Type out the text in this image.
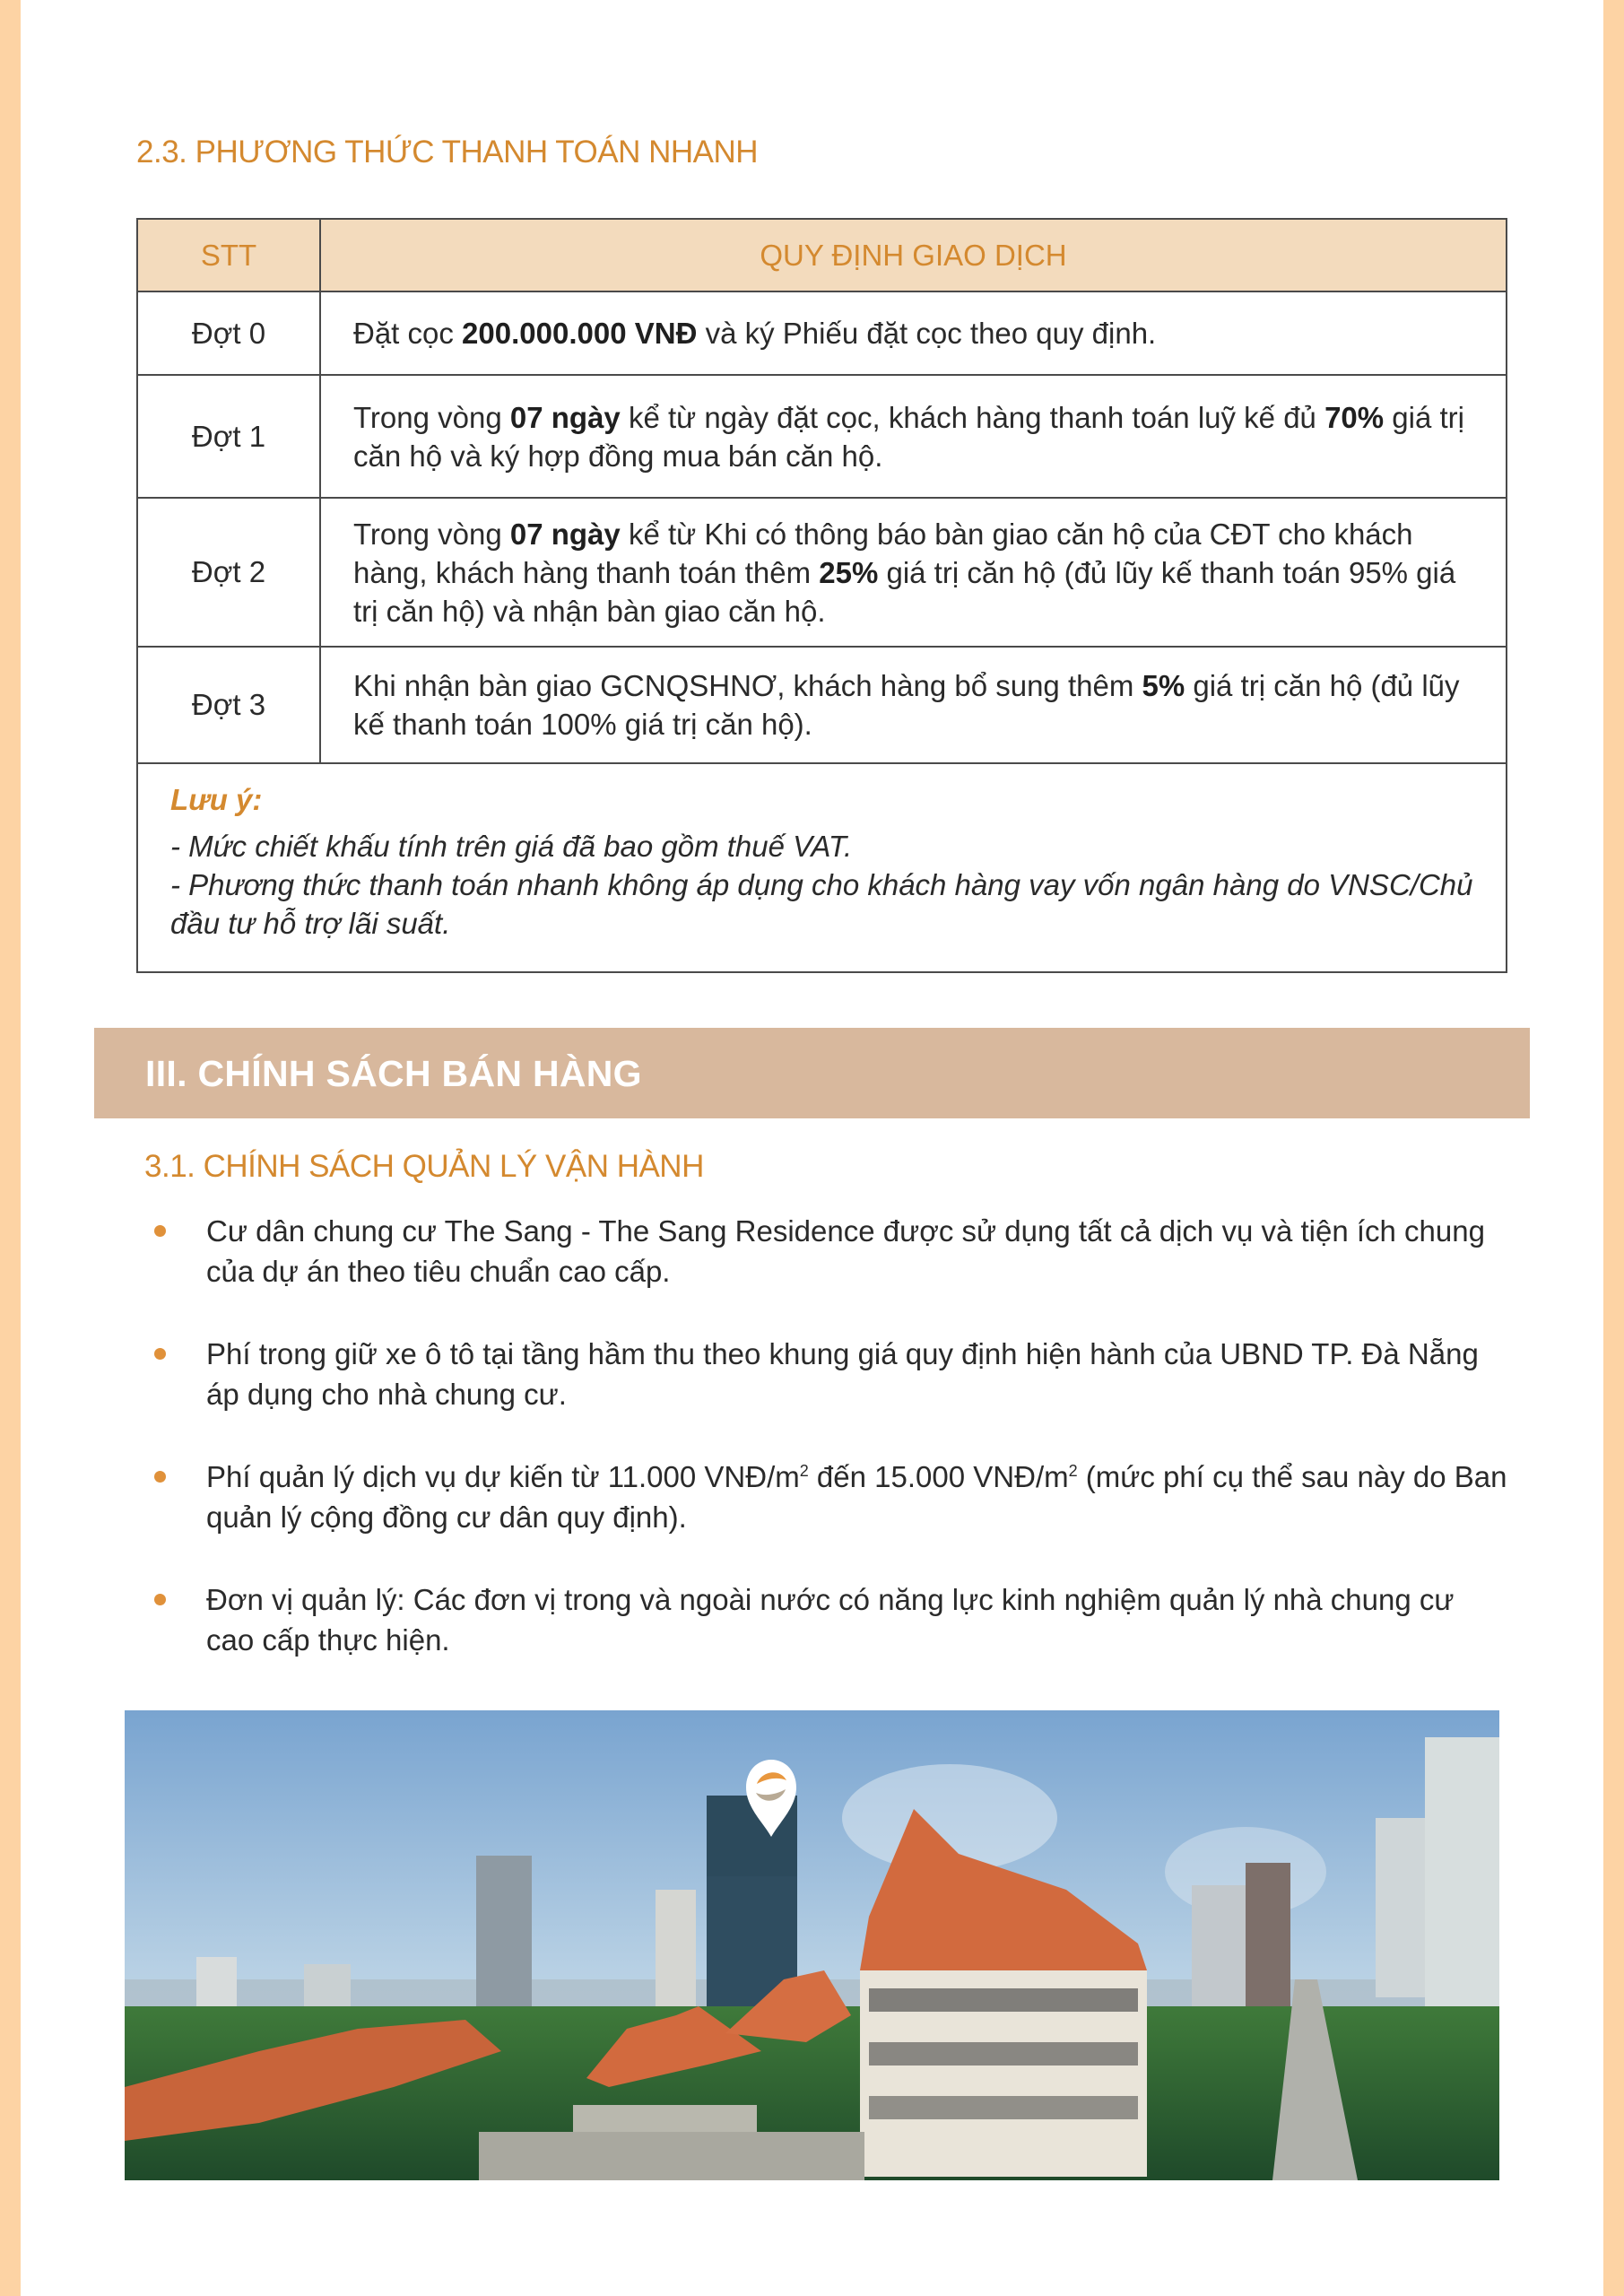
2.3. PHƯƠNG THỨC THANH TOÁN NHANH
STT	QUY ĐỊNH GIAO DỊCH
Đợt 0	Đặt cọc 200.000.000 VNĐ và ký Phiếu đặt cọc theo quy định.
Đợt 1
Trong vòng 07 ngày kể từ ngày đặt cọc, khách hàng thanh toán luỹ kế đủ 70% giá trị căn hộ và ký hợp đồng mua bán căn hộ.
Đợt 2
Trong vòng 07 ngày kể từ Khi có thông báo bàn giao căn hộ của CĐT cho khách hàng, khách hàng thanh toán thêm 25% giá trị căn hộ (đủ lũy kế thanh toán 95% giá trị căn hộ) và nhận bàn giao căn hộ.
Đợt 3
Khi nhận bàn giao GCNQSHNƠ, khách hàng bổ sung thêm 5% giá trị căn hộ (đủ lũy kế thanh toán 100% giá trị căn hộ).
Lưu ý:
- Mức chiết khấu tính trên giá đã bao gồm thuế VAT.
- Phương thức thanh toán nhanh không áp dụng cho khách hàng vay vốn ngân hàng do VNSC/Chủ đầu tư hỗ trợ lãi suất.
III. CHÍNH SÁCH BÁN HÀNG
3.1. CHÍNH SÁCH QUẢN LÝ VẬN HÀNH
Cư dân chung cư The Sang - The Sang Residence được sử dụng tất cả dịch vụ và tiện ích chung của dự án theo tiêu chuẩn cao cấp.
Phí trong giữ xe ô tô tại tầng hầm thu theo khung giá quy định hiện hành của UBND TP. Đà Nẵng áp dụng cho nhà chung cư.
Phí quản lý dịch vụ dự kiến từ 11.000 VNĐ/$m^2$ đến 15.000 VNĐ/$m^2$ (mức phí cụ thể sau này do Ban quản lý cộng đồng cư dân quy định).
Đơn vị quản lý: Các đơn vị trong và ngoài nước có năng lực kinh nghiệm quản lý nhà chung cư cao cấp thực hiện.
